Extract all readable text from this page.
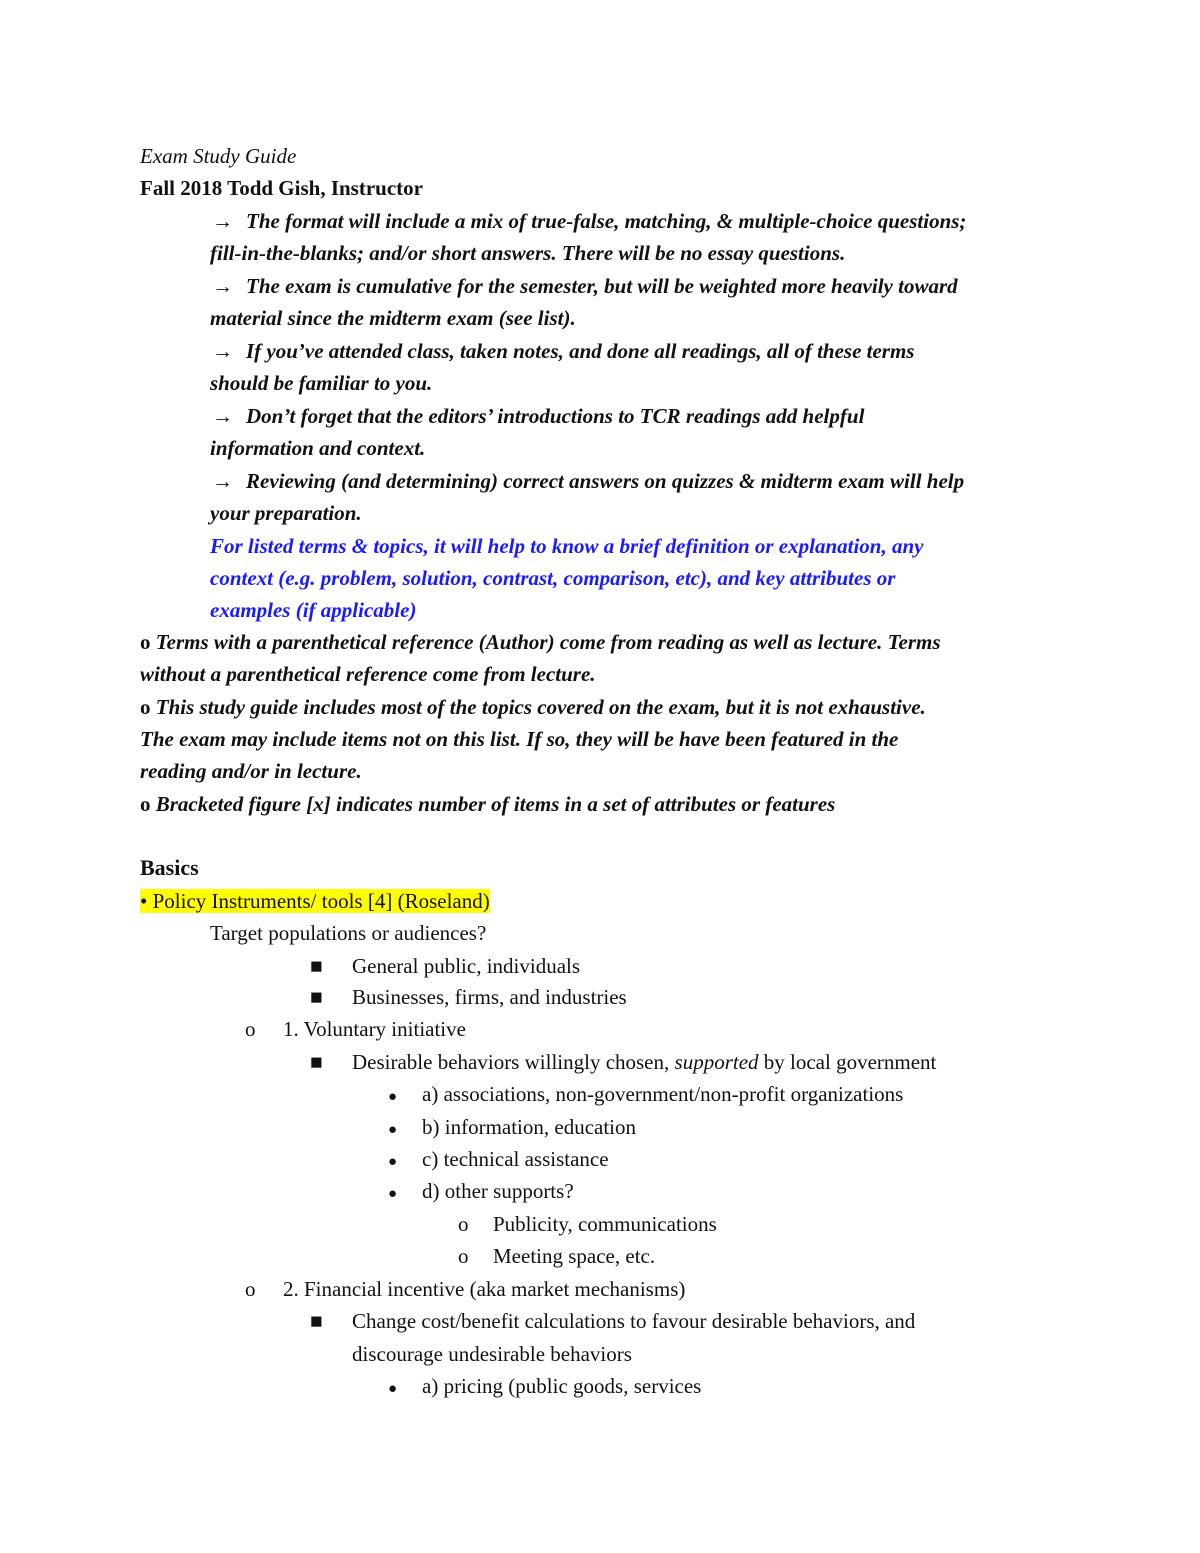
Exam Study Guide
Fall 2018 Todd Gish, Instructor
→ The format will include a mix of true-false, matching, & multiple-choice questions;
fill-in-the-blanks; and/or short answers. There will be no essay questions.
→ The exam is cumulative for the semester, but will be weighted more heavily toward
material since the midterm exam (see list).
→ If you’ve attended class, taken notes, and done all readings, all of these terms
should be familiar to you.
→ Don’t forget that the editors’ introductions to TCR readings add helpful
information and context.
→ Reviewing (and determining) correct answers on quizzes & midterm exam will help
your preparation.
For listed terms & topics, it will help to know a brief definition or explanation, any
context (e.g. problem, solution, contrast, comparison, etc), and key attributes or
examples (if applicable)
o Terms with a parenthetical reference (Author) come from reading as well as lecture. Terms
without a parenthetical reference come from lecture.
o This study guide includes most of the topics covered on the exam, but it is not exhaustive.
The exam may include items not on this list. If so, they will be have been featured in the
reading and/or in lecture.
o Bracketed figure [x] indicates number of items in a set of attributes or features
Basics
• Policy Instruments/ tools [4] (Roseland)
Target populations or audiences?
■ General public, individuals
■ Businesses, firms, and industries
o 1. Voluntary initiative
■ Desirable behaviors willingly chosen, supported by local government
● a) associations, non-government/non-profit organizations
● b) information, education
● c) technical assistance
● d) other supports?
o Publicity, communications
o Meeting space, etc.
o 2. Financial incentive (aka market mechanisms)
■ Change cost/benefit calculations to favour desirable behaviors, and
discourage undesirable behaviors
● a) pricing (public goods, services
